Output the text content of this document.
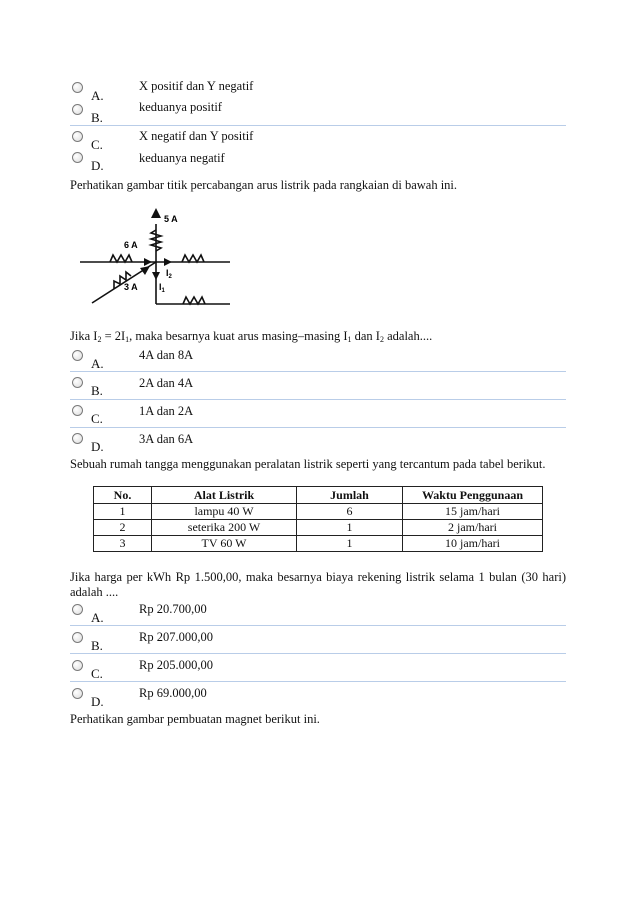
A.
X positif dan Y negatif
B.
keduanya positif
C.
X negatif dan Y positif
D.	keduanya negatif
Perhatikan gambar titik percabangan arus listrik pada rangkaian di bawah ini.
5 A
6 A
3 A
$I_2$
$I_1$
Jika $I_2 = 2I_1$, maka besarnya kuat arus masing–masing $I_1$ dan $I_2$ adalah....
A.
4A dan 8A
B.	2A dan 4A
C.	1A dan 2A
D.	3A dan 6A
Sebuah rumah tangga menggunakan peralatan listrik seperti yang tercantum pada tabel berikut.
No.	Alat Listrik	Jumlah	Waktu Penggunaan
1	lampu 40 W	6	15 jam/hari
2	seterika 200 W	1	2 jam/hari
3	TV 60 W	1	10 jam/hari
Jika harga per kWh Rp 1.500,00, maka besarnya biaya rekening listrik selama 1 bulan (30 hari) adalah ....
A.
Rp 20.700,00
B.
Rp 207.000,00
C.
Rp 205.000,00
D.
Rp 69.000,00
Perhatikan gambar pembuatan magnet berikut ini.
